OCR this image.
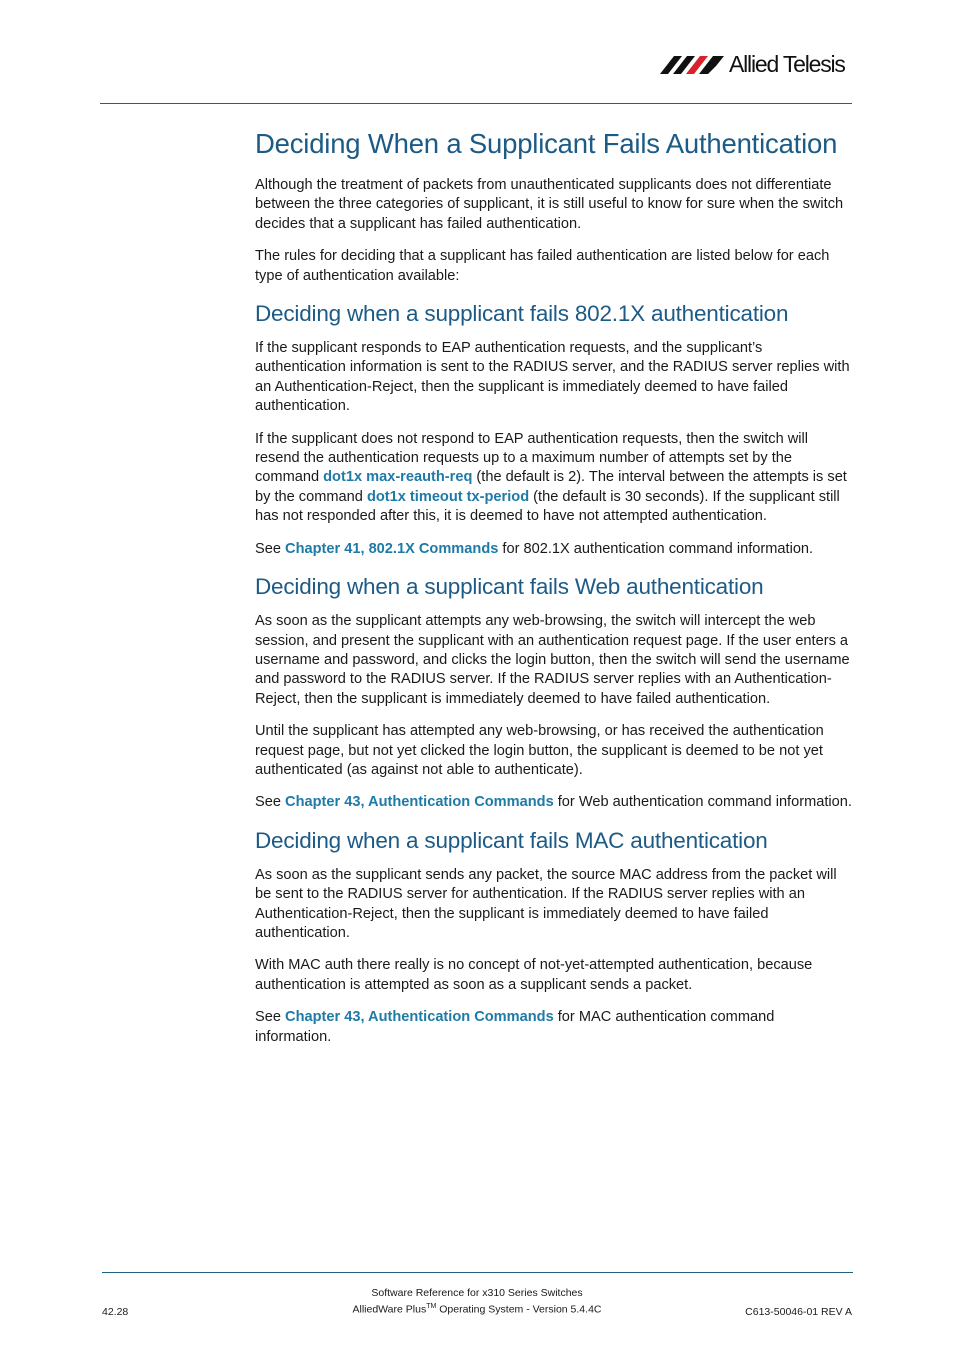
Allied Telesis
Deciding When a Supplicant Fails Authentication

Although the treatment of packets from unauthenticated supplicants does not differentiate between the three categories of supplicant, it is still useful to know for sure when the switch decides that a supplicant has failed authentication.

The rules for deciding that a supplicant has failed authentication are listed below for each type of authentication available:

Deciding when a supplicant fails 802.1X authentication

If the supplicant responds to EAP authentication requests, and the supplicant’s authentication information is sent to the RADIUS server, and the RADIUS server replies with an Authentication-Reject, then the supplicant is immediately deemed to have failed authentication.

If the supplicant does not respond to EAP authentication requests, then the switch will resend the authentication requests up to a maximum number of attempts set by the command dot1x max-reauth-req (the default is 2). The interval between the attempts is set by the command dot1x timeout tx-period (the default is 30 seconds). If the supplicant still has not responded after this, it is deemed to have not attempted authentication.

See Chapter 41, 802.1X Commands for 802.1X authentication command information.

Deciding when a supplicant fails Web authentication

As soon as the supplicant attempts any web-browsing, the switch will intercept the web session, and present the supplicant with an authentication request page. If the user enters a username and password, and clicks the login button, then the switch will send the username and password to the RADIUS server. If the RADIUS server replies with an Authentication-Reject, then the supplicant is immediately deemed to have failed authentication.

Until the supplicant has attempted any web-browsing, or has received the authentication request page, but not yet clicked the login button, the supplicant is deemed to be not yet authenticated (as against not able to authenticate).

See Chapter 43, Authentication Commands for Web authentication command information.

Deciding when a supplicant fails MAC authentication

As soon as the supplicant sends any packet, the source MAC address from the packet will be sent to the RADIUS server for authentication. If the RADIUS server replies with an Authentication-Reject, then the supplicant is immediately deemed to have failed authentication.

With MAC auth there really is no concept of not-yet-attempted authentication, because authentication is attempted as soon as a supplicant sends a packet.

See Chapter 43, Authentication Commands for MAC authentication command information.

Software Reference for x310 Series Switches
42.28	AlliedWare Plus™ Operating System - Version 5.4.4C	C613-50046-01 REV A
